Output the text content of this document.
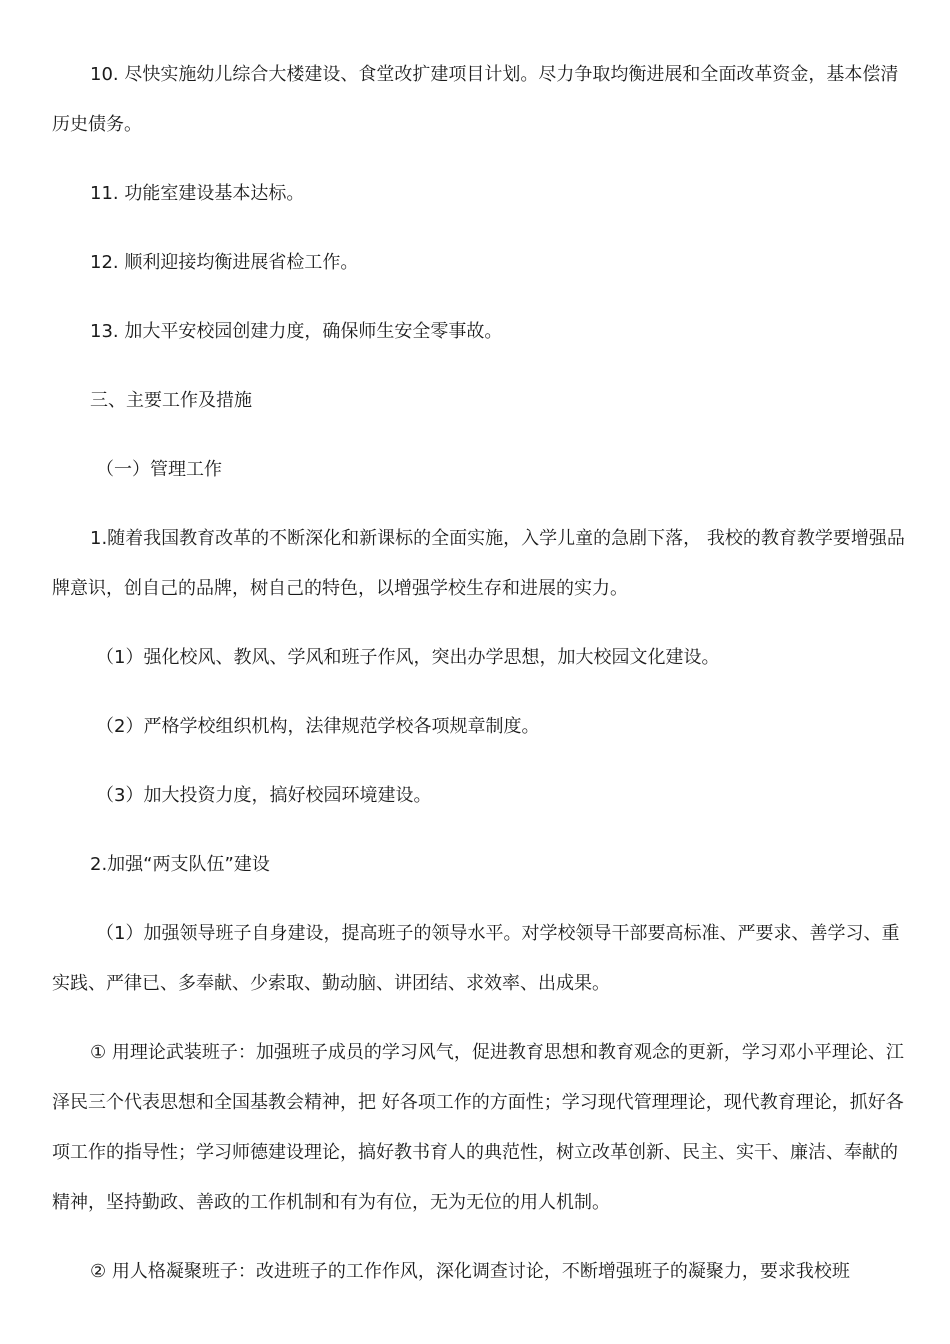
10. 尽快实施幼儿综合大楼建设、食堂改扩建项目计划。尽力争取均衡进展和全面改革资金，基本偿清历史债务。

11. 功能室建设基本达标。

12. 顺利迎接均衡进展省检工作。

13. 加大平安校园创建力度，确保师生安全零事故。

三、主要工作及措施

（一）管理工作

1.随着我国教育改革的不断深化和新课标的全面实施，入学儿童的急剧下落， 我校的教育教学要增强品牌意识，创自己的品牌，树自己的特色，以增强学校生存和进展的实力。

（1）强化校风、教风、学风和班子作风，突出办学思想，加大校园文化建设。

（2）严格学校组织机构，法律规范学校各项规章制度。

（3）加大投资力度，搞好校园环境建设。

2.加强“两支队伍”建设

（1）加强领导班子自身建设，提高班子的领导水平。对学校领导干部要高标准、严要求、善学习、重实践、严律已、多奉献、少索取、勤动脑、讲团结、求效率、出成果。

① 用理论武装班子：加强班子成员的学习风气，促进教育思想和教育观念的更新，学习邓小平理论、江泽民三个代表思想和全国基教会精神，把 好各项工作的方面性；学习现代管理理论，现代教育理论，抓好各项工作的指导性；学习师德建设理论，搞好教书育人的典范性，树立改革创新、民主、实干、廉洁、奉献的精神，坚持勤政、善政的工作机制和有为有位，无为无位的用人机制。

② 用人格凝聚班子：改进班子的工作作风，深化调查讨论，不断增强班子的凝聚力，要求我校班
